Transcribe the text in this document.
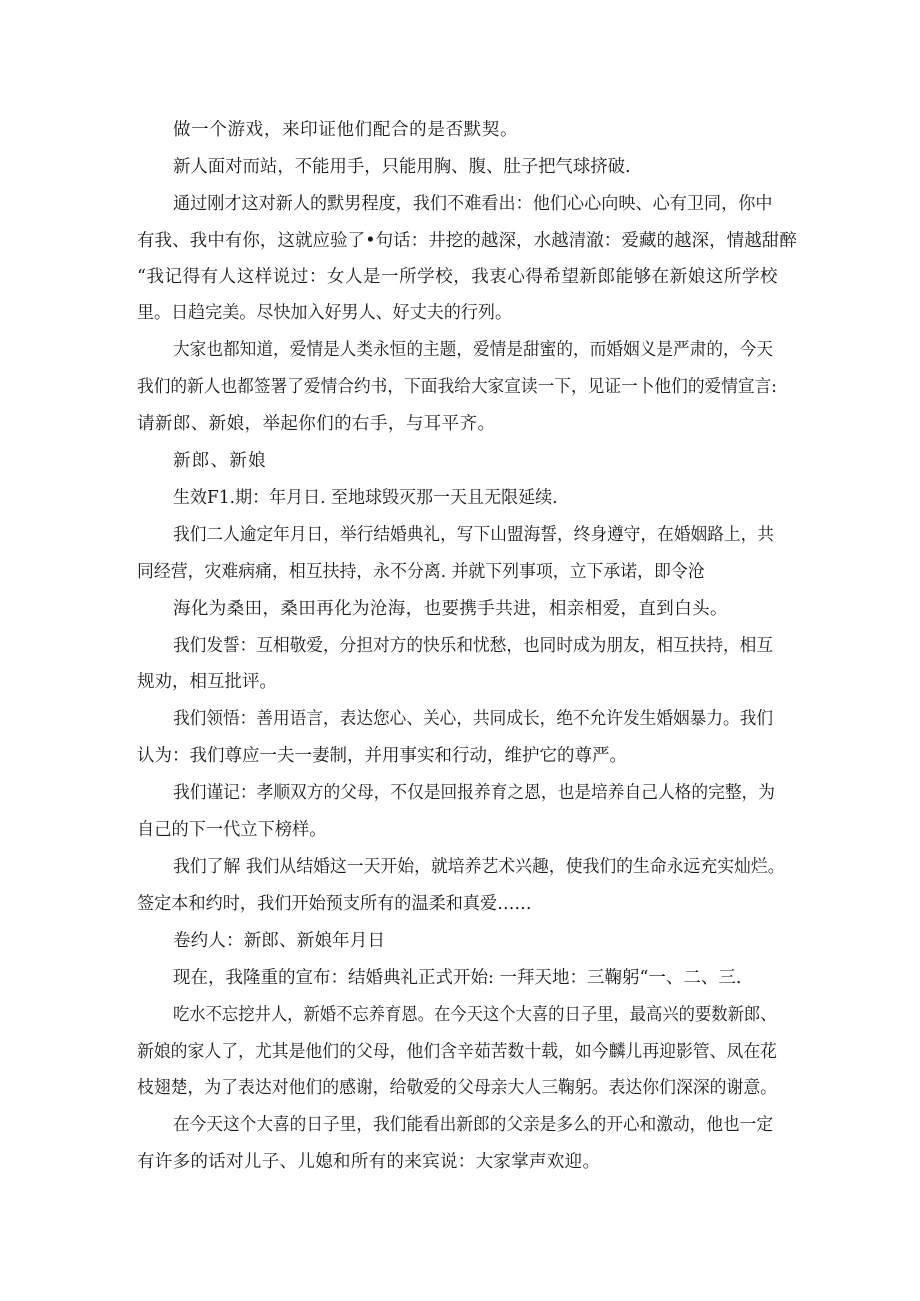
做一个游戏，来印证他们配合的是否默契。

新人面对而站，不能用手，只能用胸、腹、肚子把气球挤破.

通过刚才这对新人的默男程度，我们不难看出：他们心心向映、心有卫同，你中

有我、我中有你，这就应验了•句话：井挖的越深，水越清澈：爱藏的越深，情越甜醉

“我记得有人这样说过：女人是一所学校，我衷心得希望新郎能够在新娘这所学校

里。日趋完美。尽快加入好男人、好丈夫的行列。

大家也都知道，爱情是人类永恒的主题，爱情是甜蜜的，而婚姻义是严肃的，今天

我们的新人也都签署了爱情合约书，下面我给大家宣读一下，见证一卜他们的爱情宣言:

请新郎、新娘，举起你们的右手，与耳平齐。

新郎、新娘

生效F1.期：年月日. 至地球毁灭那一天且无限延续.

我们二人逾定年月日，举行结婚典礼，写下山盟海誓，终身遵守，在婚姻路上，共

同经营，灾难病痛，相互扶持，永不分离. 并就下列事项，立下承诺，即令沧

海化为桑田，桑田再化为沧海，也要携手共进，相亲相爱，直到白头。

我们发誓：互相敬爱，分担对方的快乐和忧愁，也同时成为朋友，相互扶持，相互

规劝，相互批评。

我们领悟：善用语言，表达您心、关心，共同成长，绝不允许发生婚姻暴力。我们

认为：我们尊应一夫一妻制，并用事实和行动，维护它的尊严。

我们谨记：孝顺双方的父母，不仅是回报养育之恩，也是培养自己人格的完整，为

自己的下一代立下榜样。

我们了解 我们从结婚这一天开始，就培养艺术兴趣，使我们的生命永远充实灿烂。

签定本和约时，我们开始预支所有的温柔和真爱……

卷约人：新郎、新娘年月日

现在，我隆重的宣布：结婚典礼正式开始: 一拜天地：三鞠躬“一、二、三.

吃水不忘挖井人，新婚不忘养育恩。在今天这个大喜的日子里，最高兴的要数新郎、

新娘的家人了，尤其是他们的父母，他们含辛茹苦数十载，如今麟儿再迎影管、凤在花

枝翅楚，为了表达对他们的感谢，给敬爱的父母亲大人三鞠躬。表达你们深深的谢意。

在今天这个大喜的日子里，我们能看出新郎的父亲是多么的开心和激动，他也一定

有许多的话对儿子、儿媳和所有的来宾说：大家掌声欢迎。
